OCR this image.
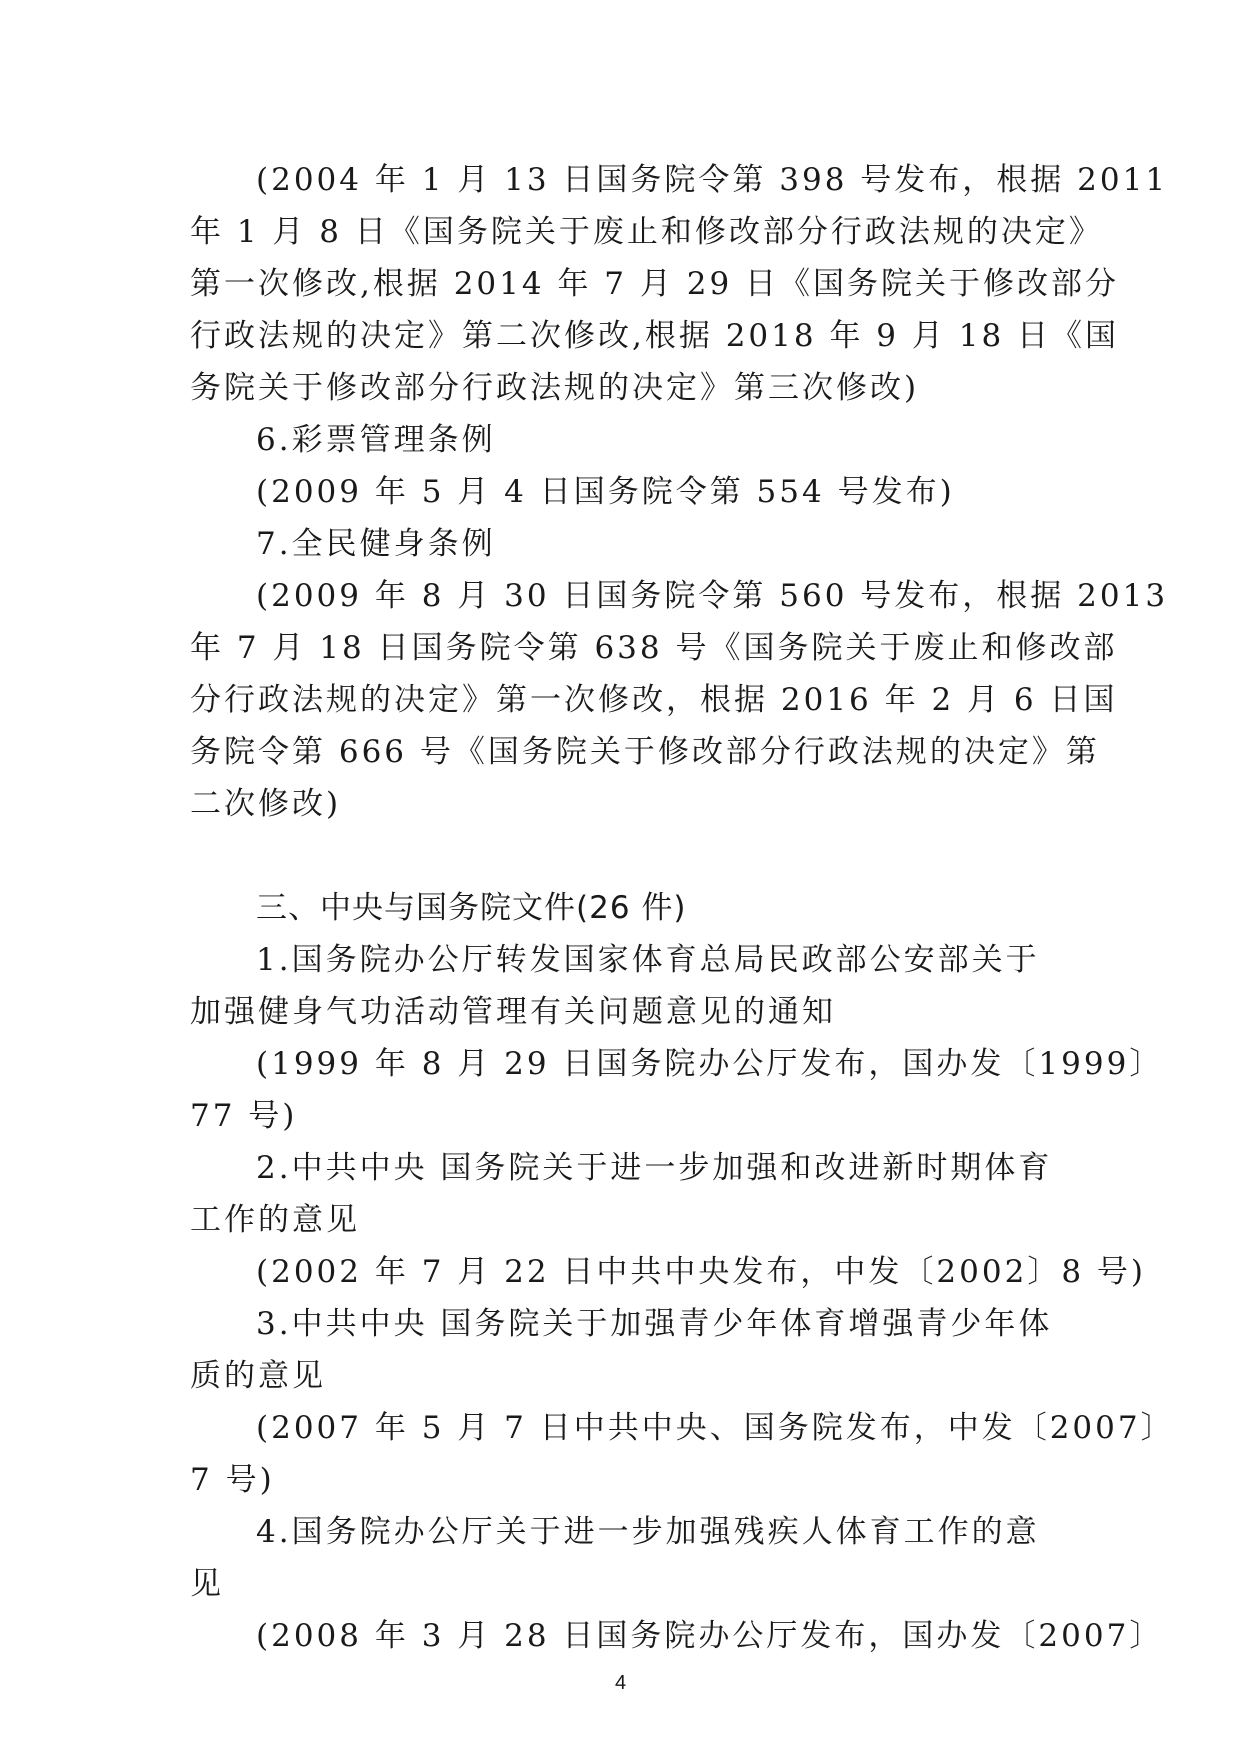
(2004 年 1 月 13 日国务院令第 398 号发布，根据 2011
年 1 月 8 日《国务院关于废止和修改部分行政法规的决定》
第一次修改,根据 2014 年 7 月 29 日《国务院关于修改部分
行政法规的决定》第二次修改,根据 2018 年 9 月 18 日《国
务院关于修改部分行政法规的决定》第三次修改)
6.彩票管理条例
(2009 年 5 月 4 日国务院令第 554 号发布)
7.全民健身条例
(2009 年 8 月 30 日国务院令第 560 号发布，根据 2013
年 7 月 18 日国务院令第 638 号《国务院关于废止和修改部
分行政法规的决定》第一次修改，根据 2016 年 2 月 6 日国
务院令第 666 号《国务院关于修改部分行政法规的决定》第
二次修改)
三、中央与国务院文件(26 件)
1.国务院办公厅转发国家体育总局民政部公安部关于
加强健身气功活动管理有关问题意见的通知
(1999 年 8 月 29 日国务院办公厅发布，国办发〔1999〕
77 号)
2.中共中央 国务院关于进一步加强和改进新时期体育
工作的意见
(2002 年 7 月 22 日中共中央发布，中发〔2002〕8 号)
3.中共中央 国务院关于加强青少年体育增强青少年体
质的意见
(2007 年 5 月 7 日中共中央、国务院发布，中发〔2007〕
7 号)
4.国务院办公厅关于进一步加强残疾人体育工作的意
见
(2008 年 3 月 28 日国务院办公厅发布，国办发〔2007〕
4
